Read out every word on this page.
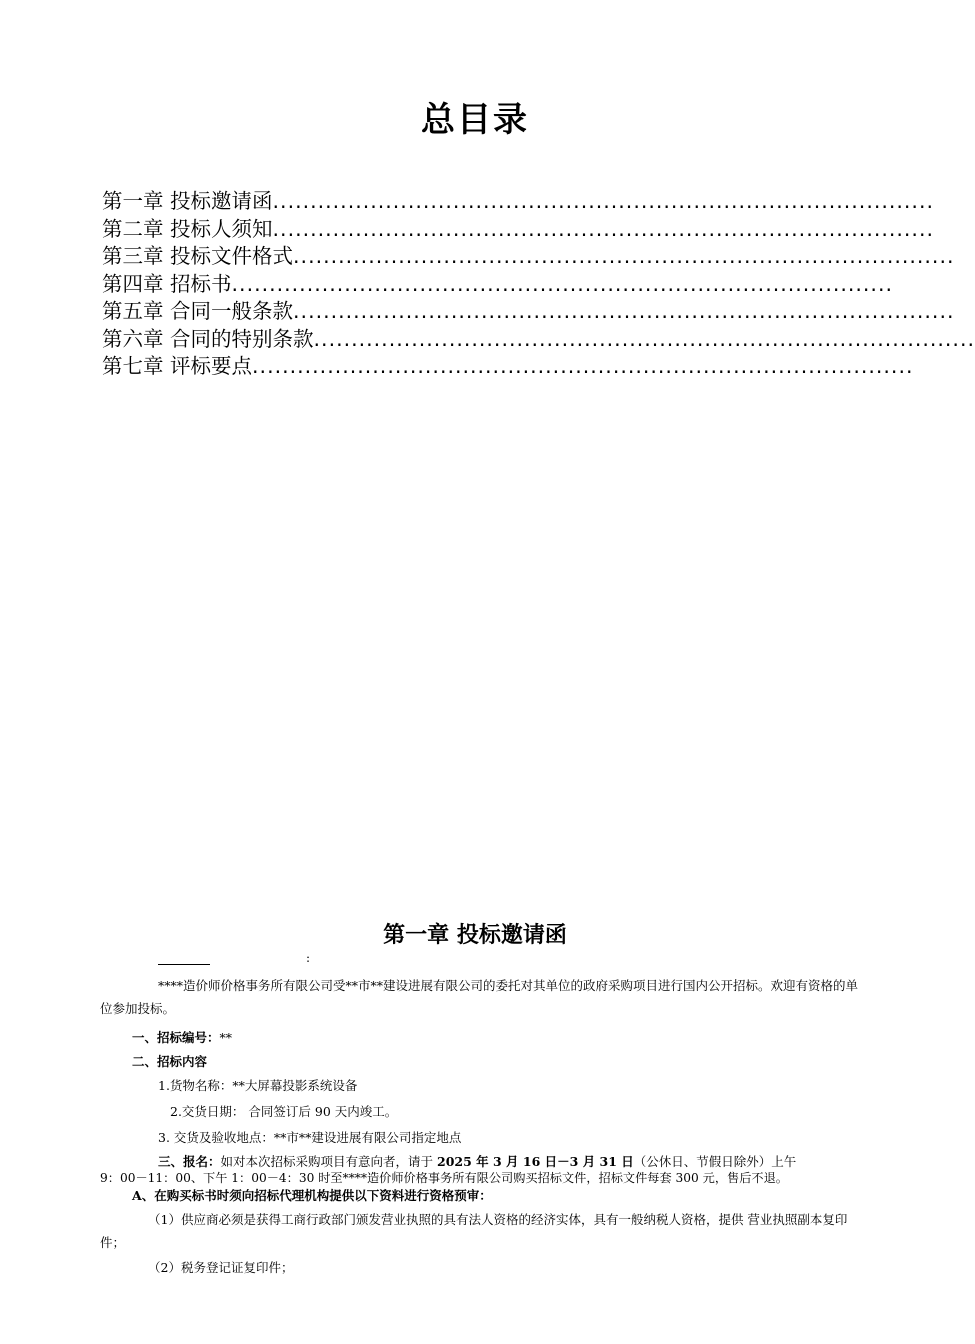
总目录
第一章 投标邀请函 ........................................................................................
第二章 投标人须知 ........................................................................................
第三章 投标文件格式 ........................................................................................
第四章 招标书 ........................................................................................
第五章 合同一般条款 ........................................................................................
第六章 合同的特别条款 ........................................................................................
第七章 评标要点 ........................................................................................
第一章 投标邀请函
:
****造价师价格事务所有限公司受**市**建设进展有限公司的委托对其单位的政府采购项目进行国内公开招标。欢迎有资格的单位参加投标。
一、招标编号：**
二、招标内容
1.货物名称：**大屏幕投影系统设备
2.交货日期： 合同签订后 90 天内竣工。
3. 交货及验收地点：**市**建设进展有限公司指定地点
三、报名：如对本次招标采购项目有意向者，请于 2025 年 3 月 16 日－3 月 31 日（公休日、节假日除外）上午
9：00－11：00、下午 1：00－4：30 时至****造价师价格事务所有限公司购买招标文件，招标文件每套 300 元，售后不退。
A、在购买标书时须向招标代理机构提供以下资料进行资格预审：
（1）供应商必须是获得工商行政部门颁发营业执照的具有法人资格的经济实体，具有一般纳税人资格，提供 营业执照副本复印件；
（2）税务登记证复印件；
